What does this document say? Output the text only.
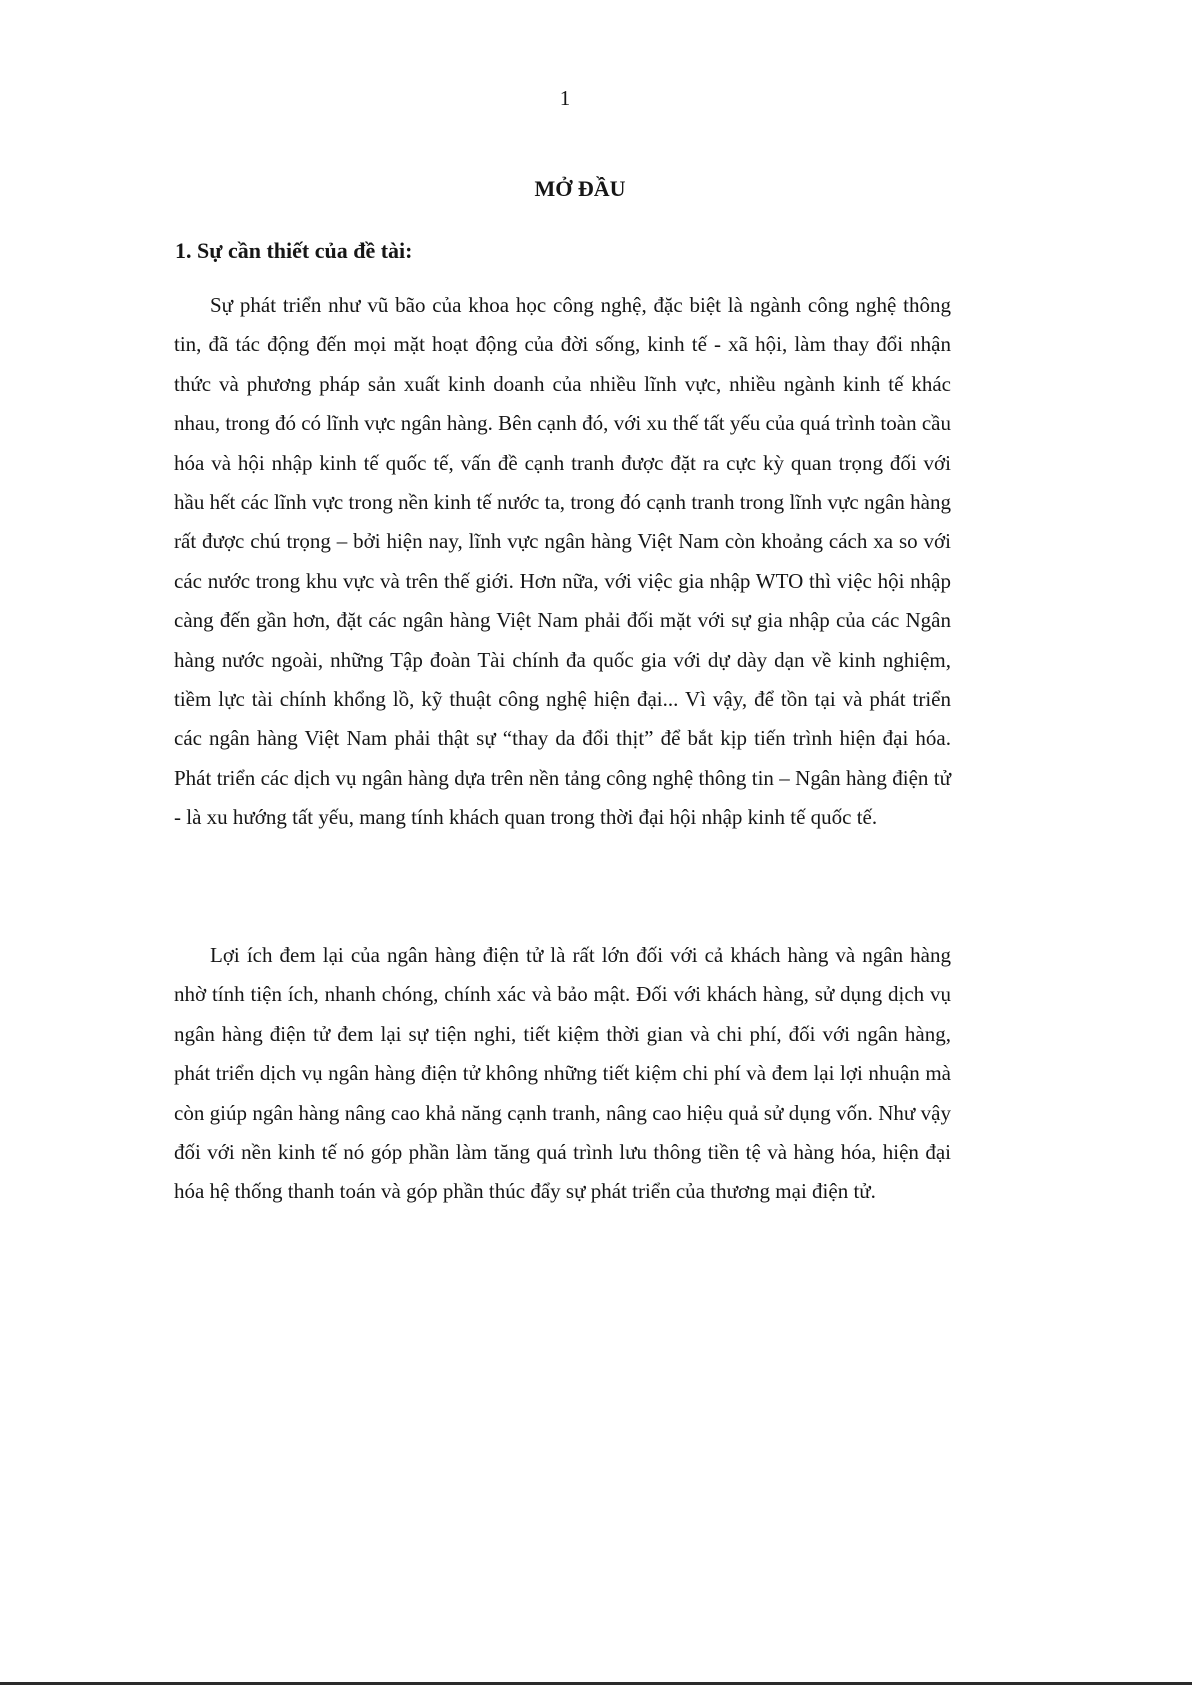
1
MỞ ĐẦU
1. Sự cần thiết của đề tài:

Sự phát triển như vũ bão của khoa học công nghệ, đặc biệt là ngành công nghệ thông tin, đã tác động đến mọi mặt hoạt động của đời sống, kinh tế - xã hội, làm thay đổi nhận thức và phương pháp sản xuất kinh doanh của nhiều lĩnh vực, nhiều ngành kinh tế khác nhau, trong đó có lĩnh vực ngân hàng. Bên cạnh đó, với xu thế tất yếu của quá trình toàn cầu hóa và hội nhập kinh tế quốc tế, vấn đề cạnh tranh được đặt ra cực kỳ quan trọng đối với hầu hết các lĩnh vực trong nền kinh tế nước ta, trong đó cạnh tranh trong lĩnh vực ngân hàng rất được chú trọng – bởi hiện nay, lĩnh vực ngân hàng Việt Nam còn khoảng cách xa so với các nước trong khu vực và trên thế giới. Hơn nữa, với việc gia nhập WTO thì việc hội nhập càng đến gần hơn, đặt các ngân hàng Việt Nam phải đối mặt với sự gia nhập của các Ngân hàng nước ngoài, những Tập đoàn Tài chính đa quốc gia với dự dày dạn về kinh nghiệm, tiềm lực tài chính khổng lồ, kỹ thuật công nghệ hiện đại... Vì vậy, để tồn tại và phát triển các ngân hàng Việt Nam phải thật sự “thay da đổi thịt” để bắt kịp tiến trình hiện đại hóa. Phát triển các dịch vụ ngân hàng dựa trên nền tảng công nghệ thông tin – Ngân hàng điện tử - là xu hướng tất yếu, mang tính khách quan trong thời đại hội nhập kinh tế quốc tế.

Lợi ích đem lại của ngân hàng điện tử là rất lớn đối với cả khách hàng và ngân hàng nhờ tính tiện ích, nhanh chóng, chính xác và bảo mật. Đối với khách hàng, sử dụng dịch vụ ngân hàng điện tử đem lại sự tiện nghi, tiết kiệm thời gian và chi phí, đối với ngân hàng, phát triển dịch vụ ngân hàng điện tử không những tiết kiệm chi phí và đem lại lợi nhuận mà còn giúp ngân hàng nâng cao khả năng cạnh tranh, nâng cao hiệu quả sử dụng vốn. Như vậy đối với nền kinh tế nó góp phần làm tăng quá trình lưu thông tiền tệ và hàng hóa, hiện đại hóa hệ thống thanh toán và góp phần thúc đẩy sự phát triển của thương mại điện tử.
